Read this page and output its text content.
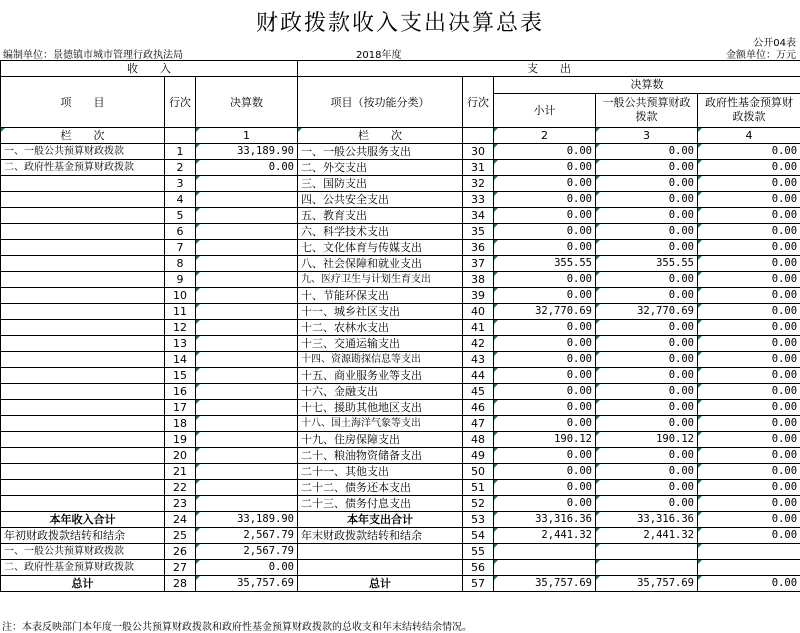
财政拨款收入支出决算总表
公开04表
编制单位：景德镇市城市管理行政执法局	2018年度	金额单位：万元
收　　入			支　　出				
项　　目	行次	决算数	项目（按功能分类）	行次	决算数		
					小计	一般公共预算财政拨款	政府性基金预算财政拨款
栏　　次		1	栏　　次		2	3	4
一、一般公共预算财政拨款	1	33,189.90	一、一般公共服务支出	30	0.00	0.00	0.00
二、政府性基金预算财政拨款	2	0.00	二、外交支出	31	0.00	0.00	0.00
	3		三、国防支出	32	0.00	0.00	0.00
	4		四、公共安全支出	33	0.00	0.00	0.00
	5		五、教育支出	34	0.00	0.00	0.00
	6		六、科学技术支出	35	0.00	0.00	0.00
	7		七、文化体育与传媒支出	36	0.00	0.00	0.00
	8		八、社会保障和就业支出	37	355.55	355.55	0.00
	9		九、医疗卫生与计划生育支出	38	0.00	0.00	0.00
	10		十、节能环保支出	39	0.00	0.00	0.00
	11		十一、城乡社区支出	40	32,770.69	32,770.69	0.00
	12		十二、农林水支出	41	0.00	0.00	0.00
	13		十三、交通运输支出	42	0.00	0.00	0.00
	14		十四、资源勘探信息等支出	43	0.00	0.00	0.00
	15		十五、商业服务业等支出	44	0.00	0.00	0.00
	16		十六、金融支出	45	0.00	0.00	0.00
	17		十七、援助其他地区支出	46	0.00	0.00	0.00
	18		十八、国土海洋气象等支出	47	0.00	0.00	0.00
	19		十九、住房保障支出	48	190.12	190.12	0.00
	20		二十、粮油物资储备支出	49	0.00	0.00	0.00
	21		二十一、其他支出	50	0.00	0.00	0.00
	22		二十二、债务还本支出	51	0.00	0.00	0.00
	23		二十三、债务付息支出	52	0.00	0.00	0.00
本年收入合计	24	33,189.90	本年支出合计	53	33,316.36	33,316.36	0.00
年初财政拨款结转和结余	25	2,567.79	年末财政拨款结转和结余	54	2,441.32	2,441.32	0.00
一、一般公共预算财政拨款	26	2,567.79		55			
二、政府性基金预算财政拨款	27	0.00		56			
总计	28	35,757.69	总计	57	35,757.69	35,757.69	0.00
注：本表反映部门本年度一般公共预算财政拨款和政府性基金预算财政拨款的总收支和年末结转结余情况。
